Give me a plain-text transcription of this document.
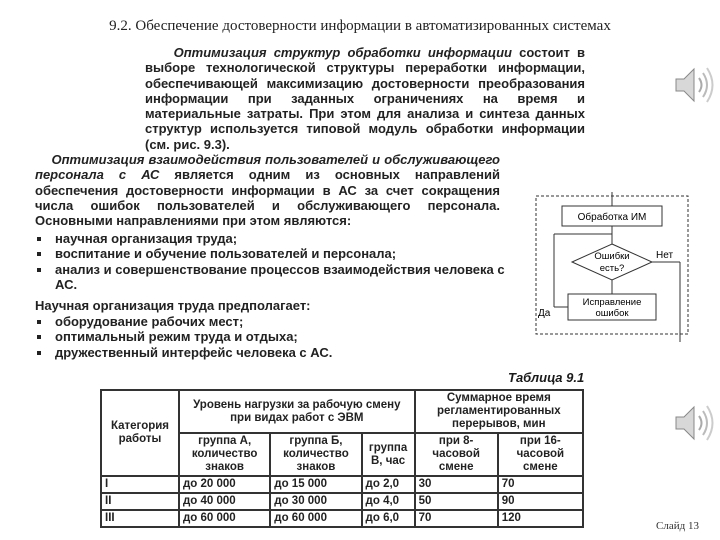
9.2. Обеспечение достоверности информации в автоматизированных системах
Оптимизация структур обработки информации состоит в выборе технологической структуры переработки информации, обеспечивающей максимизацию достоверности преобразования информации при заданных ограничениях на время и материальные затраты. При этом для анализа и синтеза данных структур используется типовой модуль обработки информации (см. рис. 9.3).
Оптимизация взаимодействия пользователей и обслуживающего персонала с АС является одним из основных направлений обеспечения достоверности информации в АС за счет сокращения числа ошибок пользователей и обслуживающего персонала. Основными направлениями при этом являются:
научная организация труда;
воспитание и обучение пользователей и персонала;
анализ и совершенствование процессов взаимодействия человека с АС.
Научная организация труда предполагает:
оборудование рабочих мест;
оптимальный режим труда и отдыха;
дружественный интерфейс человека с АС.
Обработка ИМ
Ошибки
есть?
Нет
Исправление
ошибок
Да
Таблица 9.1
Категория работы	Уровень нагрузки за рабочую смену при видах работ с ЭВМ			Суммарное время регламентированных перерывов, мин	
	группа А, количество знаков	группа Б, количество знаков	группа В, час	при 8-часовой смене	при 16-часовой смене
I	до 20 000	до 15 000	до 2,0	30	70
II	до 40 000	до 30 000	до 4,0	50	90
III	до 60 000	до 60 000	до 6,0	70	120
Слайд 13
